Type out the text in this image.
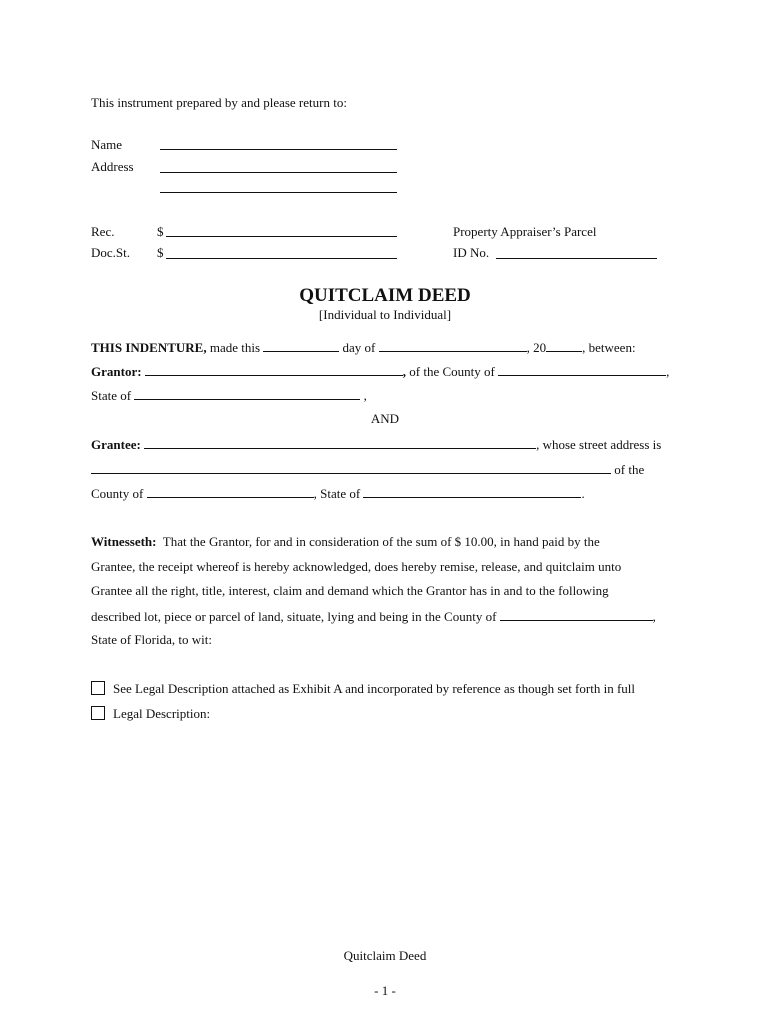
This instrument prepared by and please return to:
Name
Address
Rec.	$
Doc.St. $
Property Appraiser’s Parcel
ID No.
QUITCLAIM DEED
[Individual to Individual]
THIS INDENTURE, made this	day of	, 20	, between:
Grantor:	, of the County of	,
State of	,
AND
Grantee:	, whose street address is
of the
County of	, State of	.
Witnesseth: That the Grantor, for and in consideration of the sum of $ 10.00, in hand paid by the
Grantee, the receipt whereof is hereby acknowledged, does hereby remise, release, and quitclaim unto
Grantee all the right, title, interest, claim and demand which the Grantor has in and to the following
described lot, piece or parcel of land, situate, lying and being in the County of	,
State of Florida, to wit:
See Legal Description attached as Exhibit A and incorporated by reference as though set forth in full
Legal Description:
Quitclaim Deed
- 1 -
